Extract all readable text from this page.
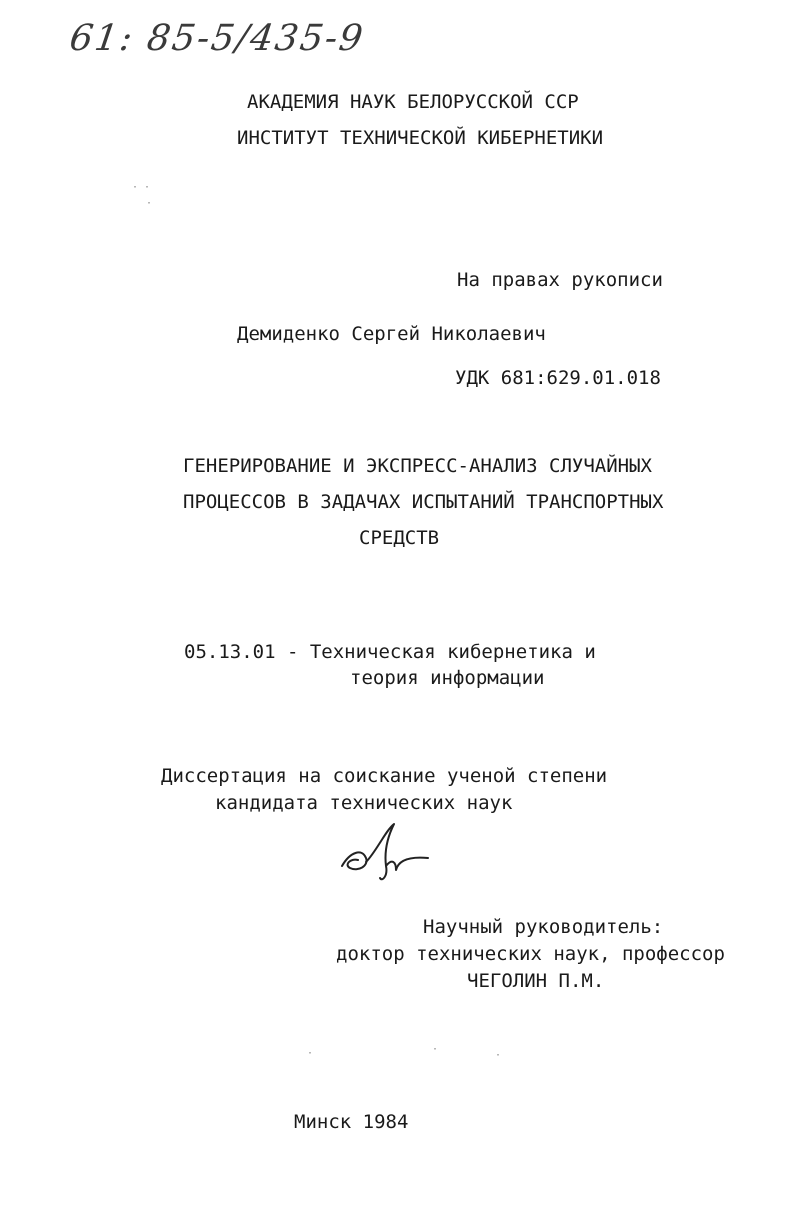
61: 85-5/435-9
АКАДЕМИЯ НАУК БЕЛОРУССКОЙ ССР
ИНСТИТУТ ТЕХНИЧЕСКОЙ КИБЕРНЕТИКИ
· ·
·
На правах рукописи
Демиденко Сергей Николаевич
УДК 681:629.01.018
ГЕНЕРИРОВАНИЕ И ЭКСПРЕСС-АНАЛИЗ СЛУЧАЙНЫХ
ПРОЦЕССОВ В ЗАДАЧАХ ИСПЫТАНИЙ ТРАНСПОРТНЫХ
СРЕДСТВ
05.13.01 - Техническая кибернетика и
теория информации
Диссертация на соискание ученой степени
кандидата технических наук
Научный руководитель:
доктор технических наук, профессор
ЧЕГОЛИН П.М.
·	·
·
Минск 1984
